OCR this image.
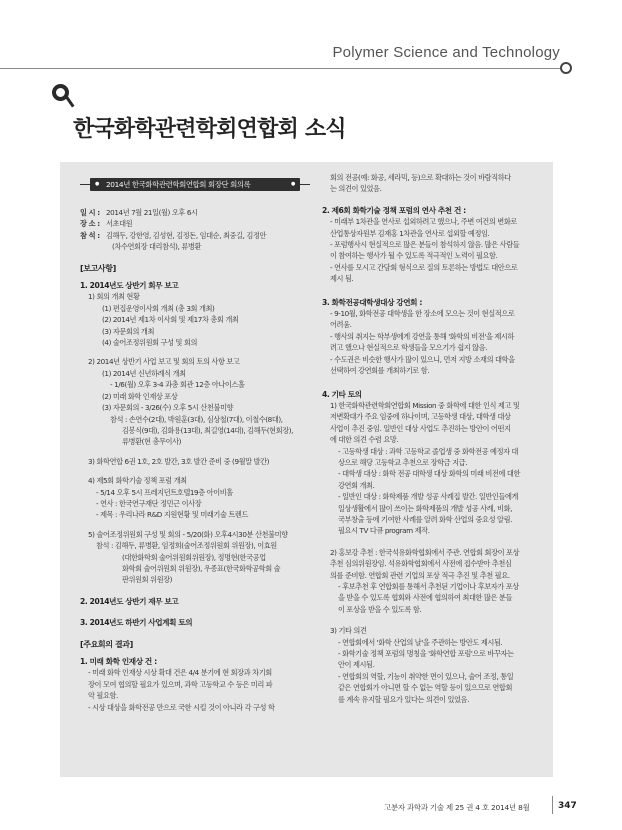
Polymer Science and Technology
한국화학관련학회연합회 소식
● 2014년 한국화학관련학회연합회 회장단 회의록 ●
일 시 : 2014년 7월 21일(월) 오후 6시
장 소 : 서초대원
참 석 : 김해두, 강한영, 김성현, 김정돈, 임대순, 최중길, 김정안
(차수연회장 대리참석), 류병환
[보고사항]
1. 2014년도 상반기 회무 보고
1) 회의 개최 현황
(1) 편집운영이사회 개최 (총 3회 개최)
(2) 2014년 제1차 이사회 및 제17차 총회 개최
(3) 자문회의 개최
(4) 술어조정위원회 구성 및 회의
2) 2014년 상반기 사업 보고 및 회의 토의 사항 보고
(1) 2014년 신년하례식 개최
- 1/6(월) 오후 3-4 과총 회관 12층 아나이스홀
(2) 미래 화학 인재상 포상
(3) 자문회의 - 3/26(수) 오후 5시 산천불미향
참석 : 손연수(2대), 박원훈(3대), 심상철(7대), 이철수(8대),
김봉식(9대), 김화용(13대), 최길영(14대), 김해두(현회장),
류병환(현 총무이사)
3) 화학연합 6권 1호, 2호 발간, 3호 발간 준비 중 (9월말 발간)
4) 제5회 화학기술 정책 포럼 개최
- 5/14 오후 5시 프레지던트호텔19층 아이비홀
- 연사 : 한국연구재단 정민근 이사장
- 제목 : 우리나라 R&D 지원현황 및 미래기술 트렌드
5) 술어조정위원회 구성 및 회의 - 5/20(화) 오후4시30분 산천불미향
참석 : 김해두, 류병환, 임정희(술어조정위원회 위원장), 이효원
(대한화학회 술어위원회위원장), 정명현(한국공업
화학회 술어위원회 위원장), 우종표(한국화학공학회 술
판위원회 위원장)
2. 2014년도 상반기 재무 보고
3. 2014년도 하반기 사업계획 토의
[주요회의 결과]
1. 미래 화학 인재상 건 :
- 미래 화학 인재상 시상 확대 건은 4/4 분기에 현 회장과 차기회
장이 모여 협의할 필요가 있으며, 과학 고등학교 수 등은 미리 파
악 필요함.
- 시상 대상을 화학전공 만으로 국한 시킬 것이 아니라 각 구성 학
회의 전공(예: 화공, 세라믹, 등)으로 확대하는 것이 바람직하다
는 의견이 있었음.
2. 제6회 화학기술 정책 포럼의 연사 추천 건 :
- 미래부 1차관을 연사로 섭외하려고 했으나, 주변 여건의 변화로
산업통상자원부 김재홍 1차관을 연사로 섭외할 예정임.
- 포럼행사시 현실적으로 많은 분들이 참석하지 않음. 많은 사람들
이 참여하는 행사가 될 수 있도록 적극적인 노력이 필요함.
- 연사를 모시고 간담회 형식으로 질의 토론하는 방법도 대안으로
제시 됨.
3. 화학전공대학생대상 강연회 :
- 9-10월, 화학전공 대학생을 한 장소에 모으는 것이 현실적으로
어려움.
- 행사의 취지는 학부생에게 강연을 통해 '화학의 비전'을 제시하
려고 했으나 현실적으로 학생들을 모으기가 쉽지 않음.
- 수도권은 비슷한 행사가 많이 있으니, 먼저 지방 소재의 대학을
선택하여 강연회를 개최하기로 함.
4. 기타 토의
1) 한국화학관련학회연합회 Mission 중 화학에 대한 인식 제고 및
저변확대가 주요 임중에 하나이며, 고등학생 대상, 대학생 대상
사업이 추진 중임. 일반인 대상 사업도 추진하는 방안이 어떤지
에 대한 의견 수렴 요망.
- 고등학생 대상 : 과학 고등학교 졸업생 중 화학전공 예정자 대
상으로 해당 고등학교 추천으로 장학금 지급.
- 대학생 대상 : 화학 전공 대학생 대상 화학의 미래 비전에 대한
강연회 개최.
- 일반인 대상 : 화학제품 개발 성공 사례집 발간. 일반인들에게
일상생활에서 많이 쓰이는 화학제품의 개발 성공 사례, 비화,
국부창출 등에 기여한 사례를 알려 화학 산업의 중요성 알림.
필요시 TV 다큐 program 제작.
2) 홍보강 추천 : 한국석유화학협회에서 주관. 연합회 회장이 포상
추천 심의위원장임. 석유화학협회에서 사전에 접수받아 추천심
의를 준비함. 연합회 관련 기업의 포상 적극 추진 및 추천 필요.
- 후보추천 후 연합회를 통해서 추천된 기업이나 후보자가 포상
을 받을 수 있도록 협회와 사전에 협의하여 최대한 많은 분들
이 포상을 받을 수 있도록 함.
3) 기타 의견
- 연합회에서 '화학 산업의 날'을 주관하는 방안도 제시됨.
- 화학기술 정책 포럼의 명칭을 '화학연합 포럼'으로 바꾸자는
안이 제시됨.
- 연합회의 역할, 기능이 취약한 면이 있으나, 술어 조정, 통일
같은 연합회가 아니면 할 수 없는 역할 등이 있으므로 연합회
를 계속 유지할 필요가 있다는 의견이 있었음.
고분자 과학과 기술 제 25 권 4 호 2014년 8월	347
